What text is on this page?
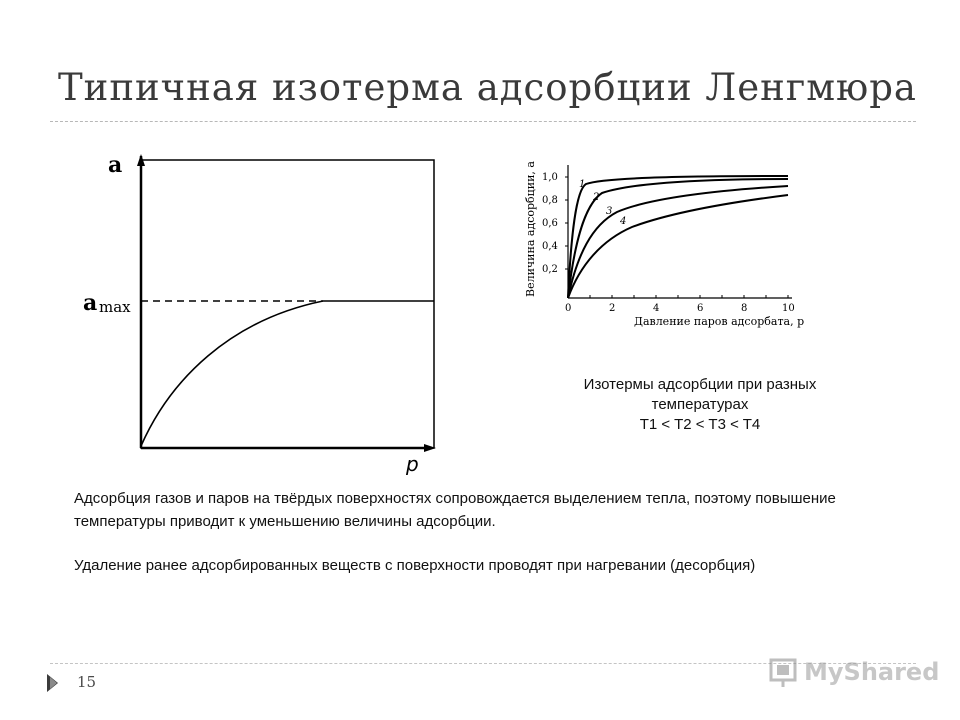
Типичная изотерма адсорбции Ленгмюра
a
a max
p
0,2
0,4
0,6
0,8
1,0
0	2	4	6	8	10
Давление паров адсорбата, p
Величина адсорбции, a	1
2
3
4
Изотермы адсорбции при разных
температурах
T1 < T2 < T3 < T4
Адсорбция газов и паров на твёрдых поверхностях сопровождается выделением тепла, поэтому повышение температуры приводит к уменьшению величины адсорбции.
Удаление ранее адсорбированных веществ с поверхности проводят при нагревании (десорбция)
15	MyShared
